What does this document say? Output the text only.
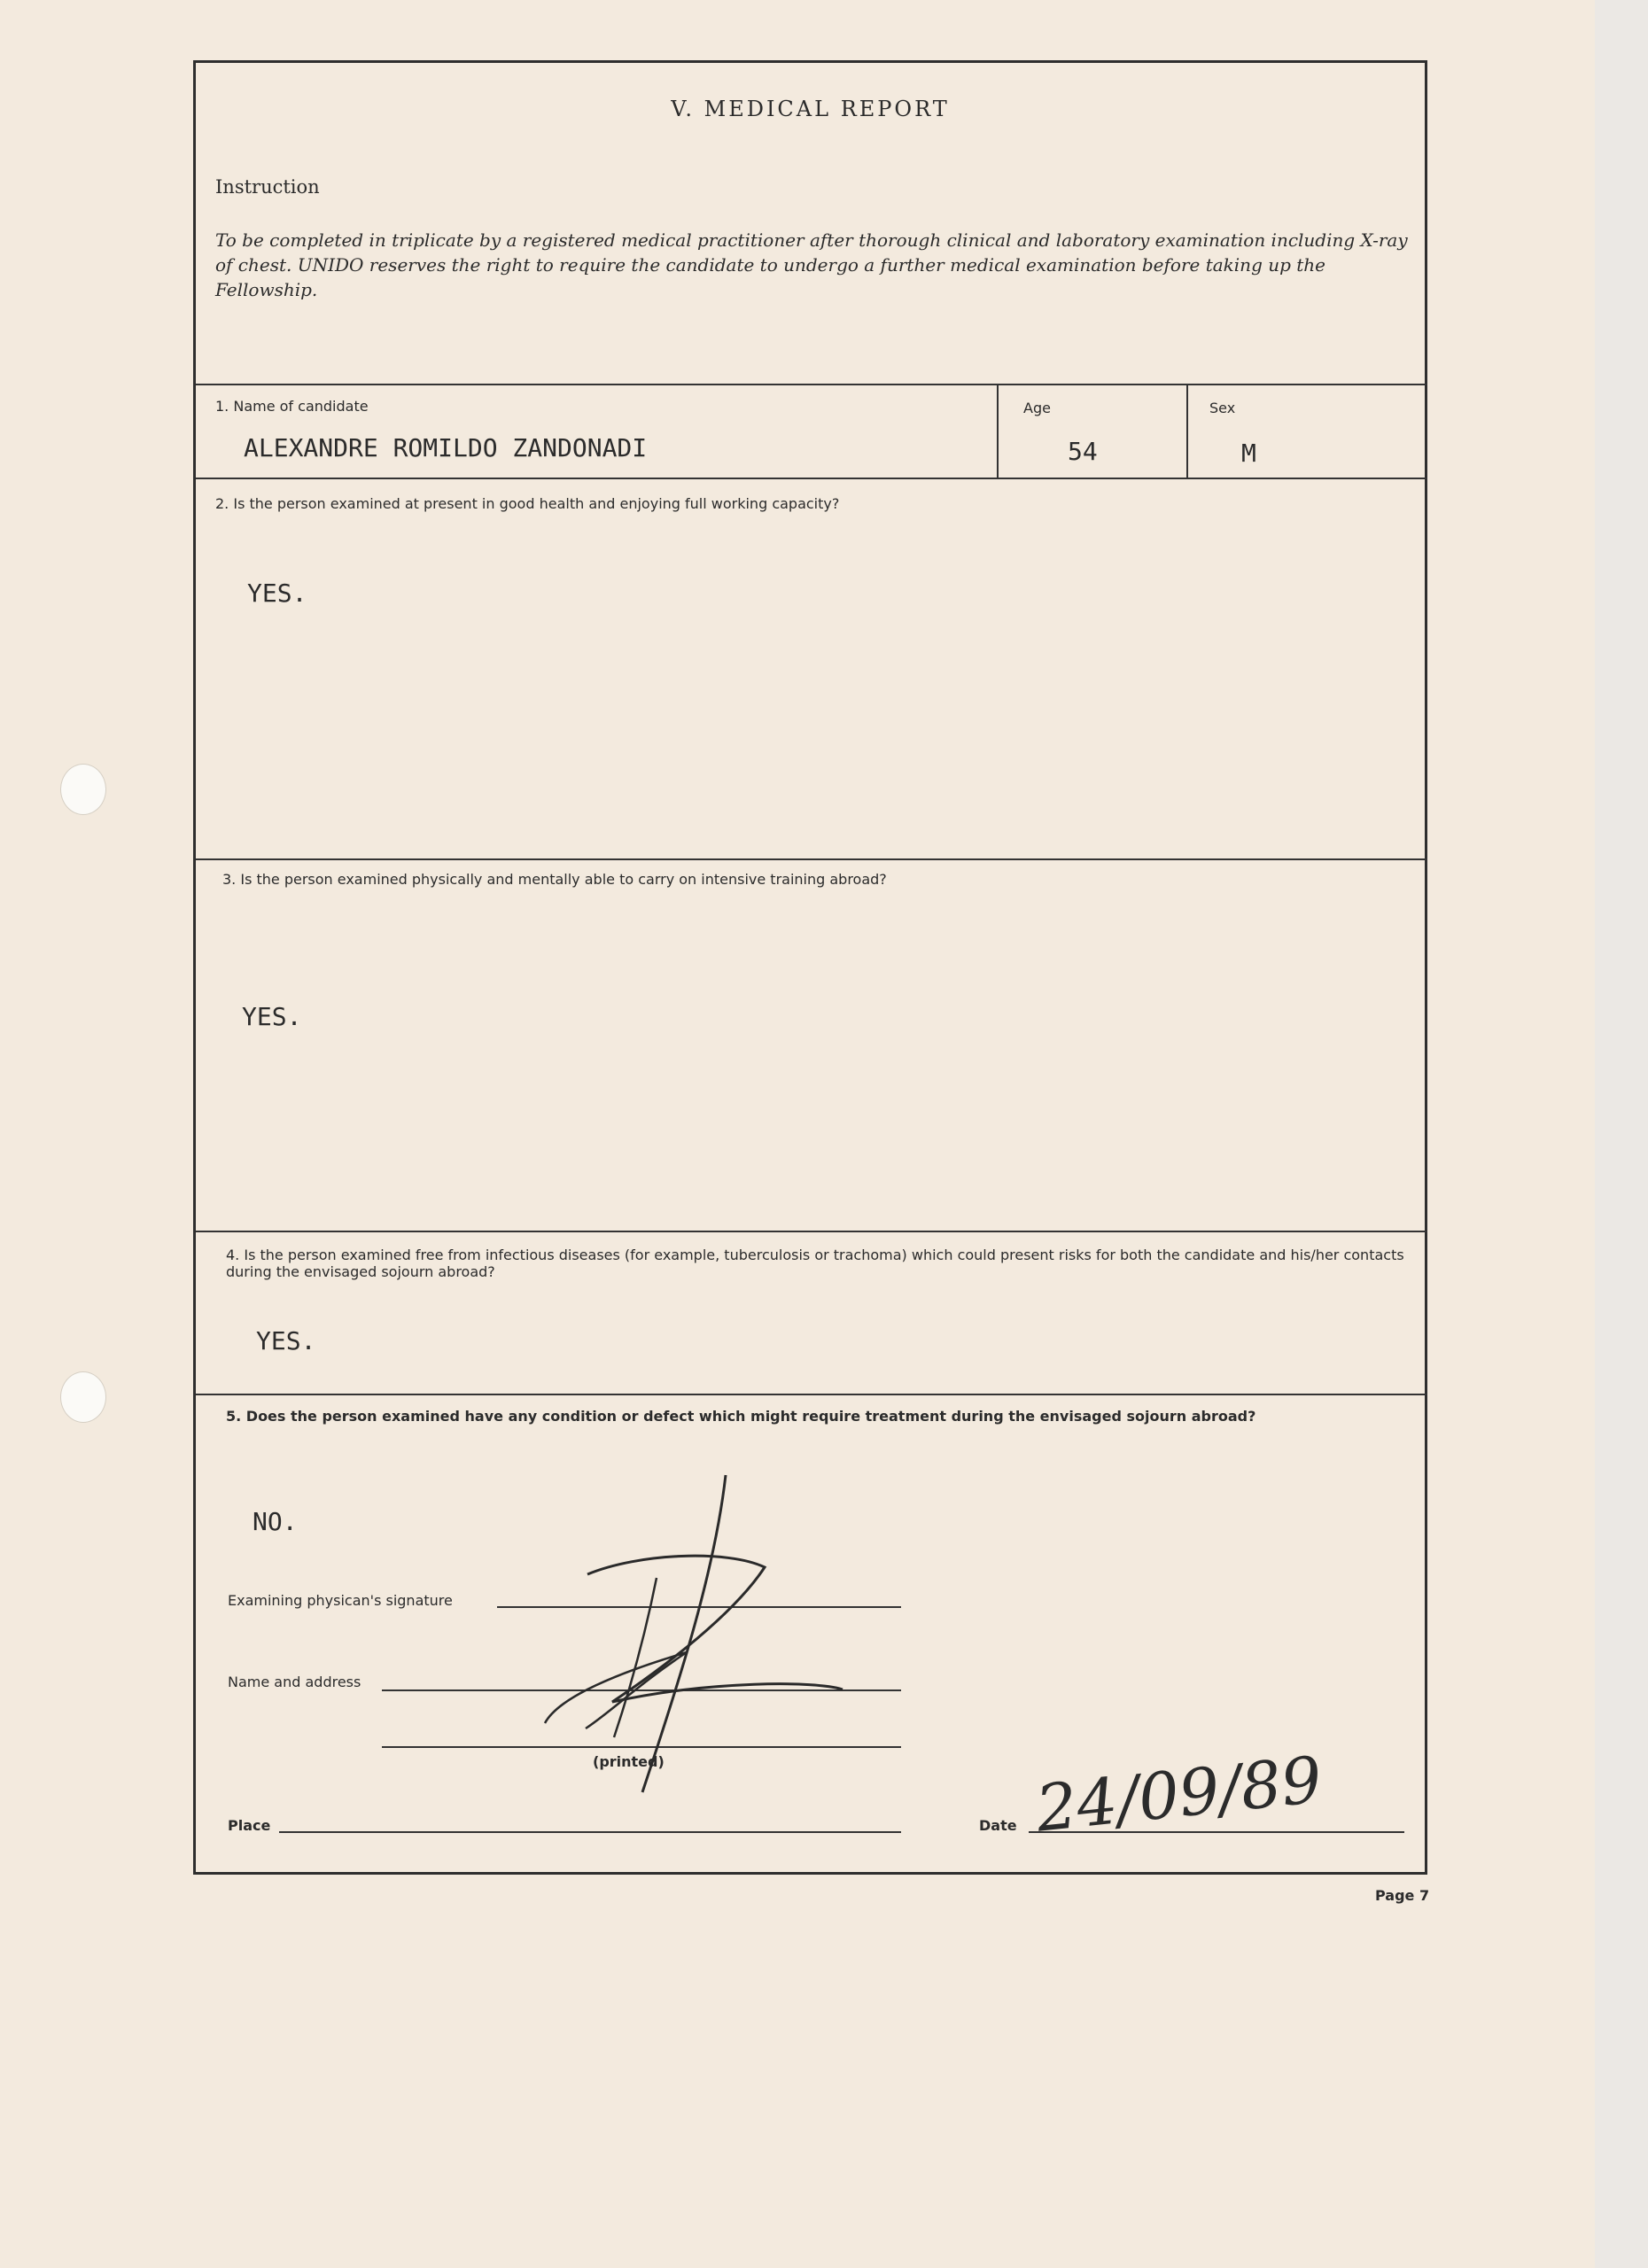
V. MEDICAL REPORT
Instruction
To be completed in triplicate by a registered medical practitioner after thorough clinical and laboratory examination including X-ray of chest. UNIDO reserves the right to require the candidate to undergo a further medical examination before taking up the Fellowship.
1. Name of candidate
ALEXANDRE ROMILDO ZANDONADI
Age
54
Sex
M
2. Is the person examined at present in good health and enjoying full working capacity?
YES.
3. Is the person examined physically and mentally able to carry on intensive training abroad?
YES.
4. Is the person examined free from infectious diseases (for example, tuberculosis or trachoma) which could present risks for both the candidate and his/her contacts during the envisaged sojourn abroad?
YES.
5. Does the person examined have any condition or defect which might require treatment during the envisaged sojourn abroad?
NO.
Examining physican's signature
Name and address
(printed)
Place	Date 24/09/89
Page 7
